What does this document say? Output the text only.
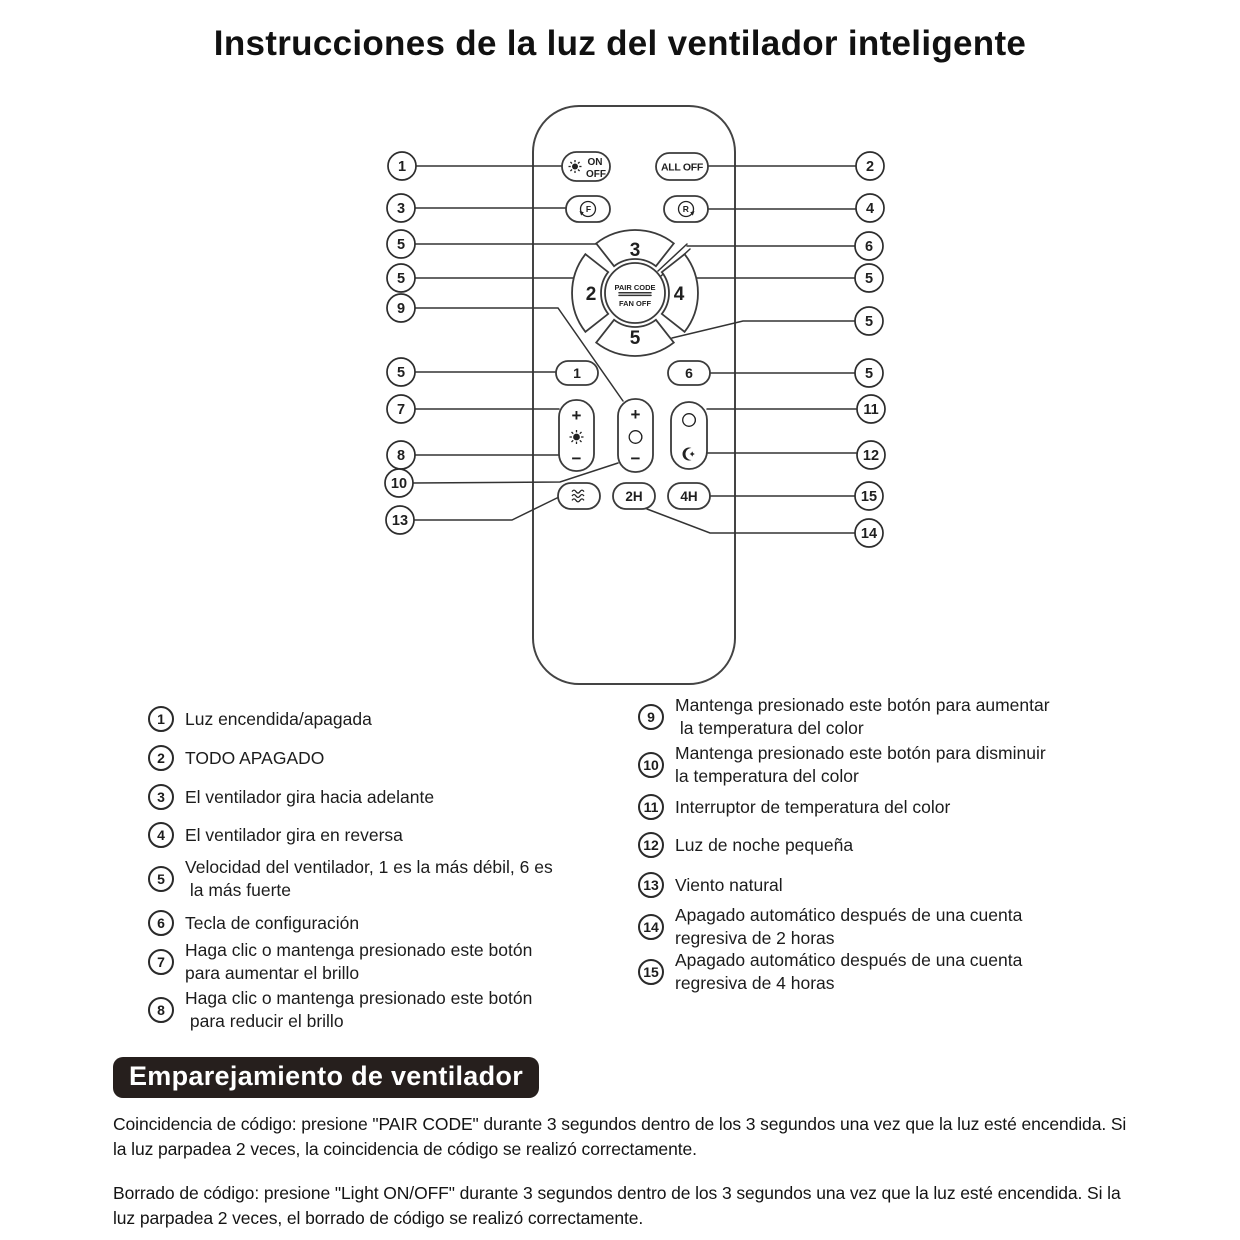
Instrucciones de la luz del ventilador inteligente
ON
OFF
ALL OFF
F	R
3
2	4
5
PAIR CODE
FAN OFF
1	6
+
−
+
−
2H	4H
1
3
5
5
9
5
7
8
10
13
2
4
6
5
5
5
11
12
15
14
1	Luz encendida/apagada
2	TODO APAGADO
3	El ventilador gira hacia adelante
4	El ventilador gira en reversa
5
Velocidad del ventilador, 1 es la más débil, 6 es
la más fuerte
6	Tecla de configuración
7
Haga clic o mantenga presionado este botón
para aumentar el brillo
8
Haga clic o mantenga presionado este botón
para reducir el brillo
9
Mantenga presionado este botón para aumentar
la temperatura del color
10
Mantenga presionado este botón para disminuir
la temperatura del color
11 Interruptor de temperatura del color
12 Luz de noche pequeña
13 Viento natural
14
Apagado automático después de una cuenta
regresiva de 2 horas
15
Apagado automático después de una cuenta
regresiva de 4 horas
Emparejamiento de ventilador

Coincidencia de código: presione "PAIR CODE" durante 3 segundos dentro de los 3 segundos una vez que la luz esté encendida. Si la luz parpadea 2 veces, la coincidencia de código se realizó correctamente.

Borrado de código: presione "Light ON/OFF" durante 3 segundos dentro de los 3 segundos una vez que la luz esté encendida. Si la luz parpadea 2 veces, el borrado de código se realizó correctamente.
